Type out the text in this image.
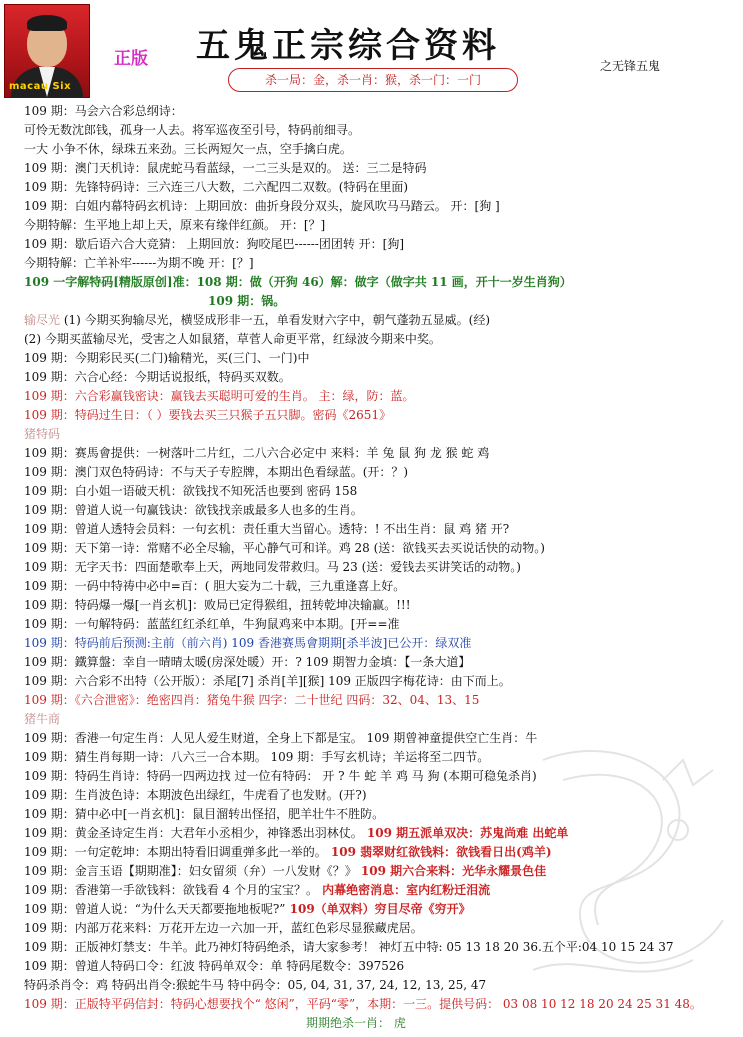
macau Six
正版 五鬼正宗综合资料	之无锋五鬼
杀一局：金，杀一肖：猴，杀一门：一门
109 期：马会六合彩总纲诗：
可怜无数沈郎钱，孤身一人去。将军巡夜至引号，特码前细寻。
一大 小争不休，绿珠五来劲。三长两短欠一点，空手擒白虎。
109 期：澳门天机诗：鼠虎蛇马看蓝绿，一二三头是双的。 送：三二是特码
109 期：先锋特码诗：三六连三八大数，二六配四二双数。(特码在里面)
109 期：白姐内幕特码玄机诗：上期回放：曲折身段分双头，旋风吹马马踏云。 开：[狗 ]
今期特解：生平地上却上天，原来有缘伴红颜。 开：[？]
109 期：歇后语六合大竞猜： 上期回放：狗咬尾巴------团团转 开：[狗]
今期特解：亡羊补牢------为期不晚 开：[？]
109 一字解特码[精版原创]准：108 期：做（开狗 46）解：做字（做字共 11 画，开十一岁生肖狗）
109 期：锅。
输尽光 (1) 今期买狗输尽光，横竖成形非一五，单看发财六字中，朝气蓬勃五显威。(经)
(2) 今期买蓝输尽光，受害之人如鼠猪，草菅人命更平常，红绿波今期来中奖。
109 期：今期彩民买(二门)输精光，买(三门、一门)中
109 期：六合心经：今期话说报纸，特码买双数。
109 期：六合彩赢钱密诀：赢钱去买聪明可爱的生肖。 主：绿，防：蓝。
109 期：特码过生日：（ ）要钱去买三只猴子五只脚。密码《2651》
猪特码
109 期：赛馬會提供：一树落叶二片红，二八六合必定中 来料：羊 兔 鼠 狗 龙 猴 蛇 鸡
109 期：澳门双色特码诗：不与天子专腔牌，本期出色看绿蓝。(开：？)
109 期：白小姐一语破天机：欲钱找不知死活也要到 密码 158
109 期：曾道人说一句赢钱诀：欲钱找亲戚最多人也多的生肖。
109 期：曾道人透特会员料：一句玄机：责任重大当留心。透特：! 不出生肖：鼠 鸡 猪 开?
109 期：天下第一诗：常赌不必全尽输，平心静气可和详。鸡 28 (送：欲钱买去买说话快的动物。)
109 期：无字天书：四面楚歌奉上天，两地同发带救归。马 23 (送：爱钱去买讲笑话的动物。)
109 期：一码中特祷中必中=百：( 胆大妄为二十载，三九重逢喜上好。
109 期：特码爆一爆[一肖玄机]：败局已定得猴组，扭转乾坤决输赢。!!!
109 期：一句解特码：蓝蓝红红杀红单，牛狗鼠鸡来中本期。[开==准
109 期：特码前后预测:主前（前六肖) 109 香港赛馬會期期[杀半波]已公开：绿双准
109 期：鐵算盤：幸自一晴晴太暖(房深处暖）开：? 109 期智力金填：【一条大道】
109 期：六合彩不出特（公开版）：杀尾[7] 杀肖[羊][猴] 109 正版四字梅花诗：由下而上。
109 期：《六合泄密》：绝密四肖：猪兔牛猴 四字：二十世纪 四码：32、04、13、15
猪牛商
109 期：香港一句定生肖：人见人爱生财道，全身上下都是宝。 109 期曾神童提供空亡生肖：牛
109 期：猜生肖每期一诗：八六三一合本期。 109 期：手写玄机诗；羊运将至二四节。
109 期：特码生肖诗：特码一四两边找 过一位有特码： 开 ? 牛 蛇 羊 鸡 马 狗 (本期可稳兔杀肖)
109 期：生肖波色诗：本期波色出绿红，牛虎看了也发财。(开?)
109 期：猜中必中[一肖玄机]：鼠目溜转出怪招，肥羊壮牛不胜防。
109 期：黄金圣诗定生肖：大君年小丞相少，神锋悉出羽林仗。 109 期五派单双决：苏鬼尚难 出蛇单
109 期：一句定乾坤：本期出特看旧调重弹多此一举的。 109 翡翠财红欲钱料：欲钱看日出(鸡羊)
109 期：金言玉语【期期准】：妇女留须（弁）一八发财《？》 109 期六合来料：光华永耀景色佳
109 期：香港第一手欲钱料：欲钱看 4 个月的宝宝？。 内幕绝密消息：室内红粉迁泪流
109 期：曾道人说：“为什么天天都要拖地板呢?” 109（单双料）穷目尽帝《穷开》
109 期：内部万花来料：万花开左边一六加一开，蓝红色彩尽显猴藏虎居。
109 期：正版神灯禁支：牛羊。此乃神灯特码绝杀，请大家参考！ 神灯五中特: 05 13 18 20 36.五个平:04 10 15 24 37
109 期：曾道人特码口令：红波 特码单双令：单 特码尾数令：397526
特码杀肖令：鸡 特码出肖令:猴蛇牛马 特中码令：05, 04, 31, 37, 24, 12, 13, 25, 47
109 期：正版特平码信封：特码心想要找个“ 悠闲”，平码“零”，本期：一三。提供号码： 03 08 10 12 18 20 24 25 31 48。
期期绝杀一肖： 虎
